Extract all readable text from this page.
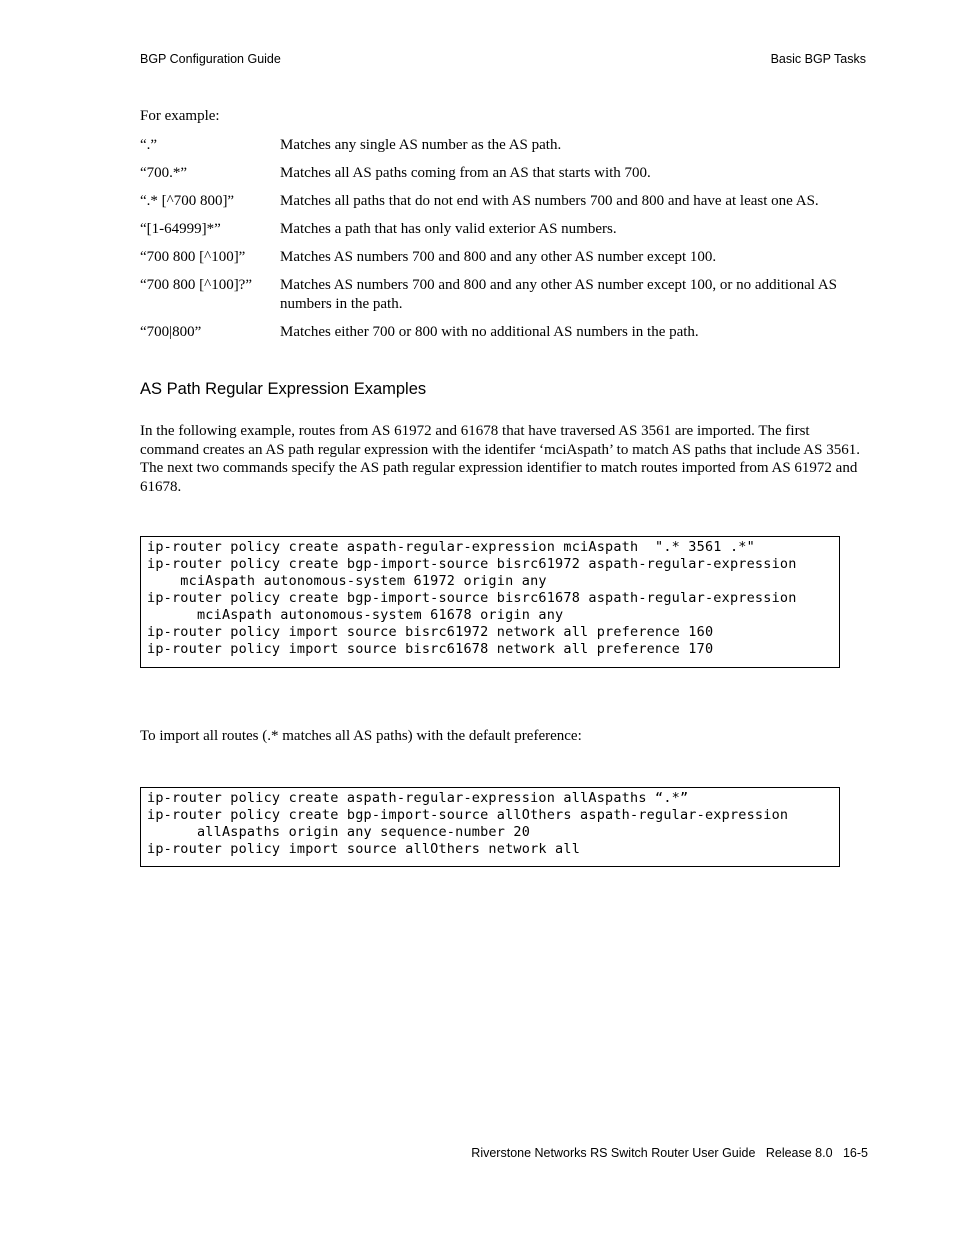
BGP Configuration Guide	Basic BGP Tasks
For example:
“.”	Matches any single AS number as the AS path.
“700.*”	Matches all AS paths coming from an AS that starts with 700.
“.* [^700 800]”	Matches all paths that do not end with AS numbers 700 and 800 and have at least one AS.
“[1-64999]*”	Matches a path that has only valid exterior AS numbers.
“700 800 [^100]”	Matches AS numbers 700 and 800 and any other AS number except 100.
“700 800 [^100]?”	Matches AS numbers 700 and 800 and any other AS number except 100, or no additional AS numbers in the path.
“700|800”	Matches either 700 or 800 with no additional AS numbers in the path.
AS Path Regular Expression Examples
In the following example, routes from AS 61972 and 61678 that have traversed AS 3561 are imported. The first command creates an AS path regular expression with the identifer ‘mciAspath’ to match AS paths that include AS 3561. The next two commands specify the AS path regular expression identifier to match routes imported from AS 61972 and 61678.
ip-router policy create aspath-regular-expression mciAspath  ".* 3561 .*"
ip-router policy create bgp-import-source bisrc61972 aspath-regular-expression
mciAspath autonomous-system 61972 origin any
ip-router policy create bgp-import-source bisrc61678 aspath-regular-expression
mciAspath autonomous-system 61678 origin any
ip-router policy import source bisrc61972 network all preference 160
ip-router policy import source bisrc61678 network all preference 170
To import all routes (.* matches all AS paths) with the default preference:
ip-router policy create aspath-regular-expression allAspaths “.*”
ip-router policy create bgp-import-source allOthers aspath-regular-expression
allAspaths origin any sequence-number 20
ip-router policy import source allOthers network all
Riverstone Networks RS Switch Router User Guide   Release 8.0   16-5
